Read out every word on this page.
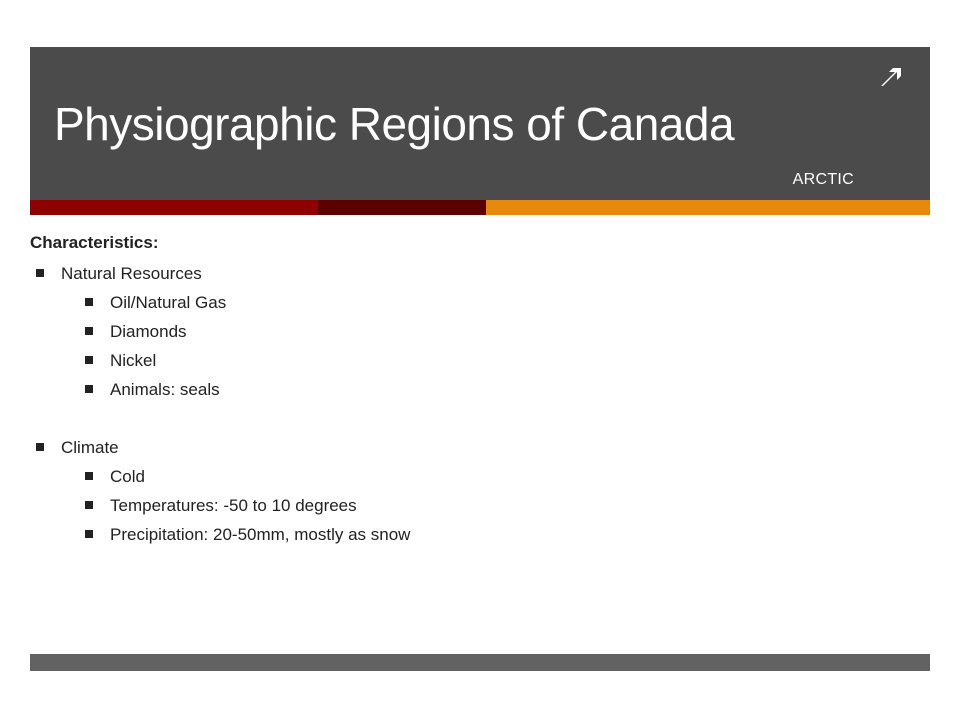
Physiographic Regions of Canada
ARCTIC
Characteristics:
Natural Resources
Oil/Natural Gas
Diamonds
Nickel
Animals: seals
Climate
Cold
Temperatures: -50 to 10 degrees
Precipitation: 20-50mm, mostly as snow
